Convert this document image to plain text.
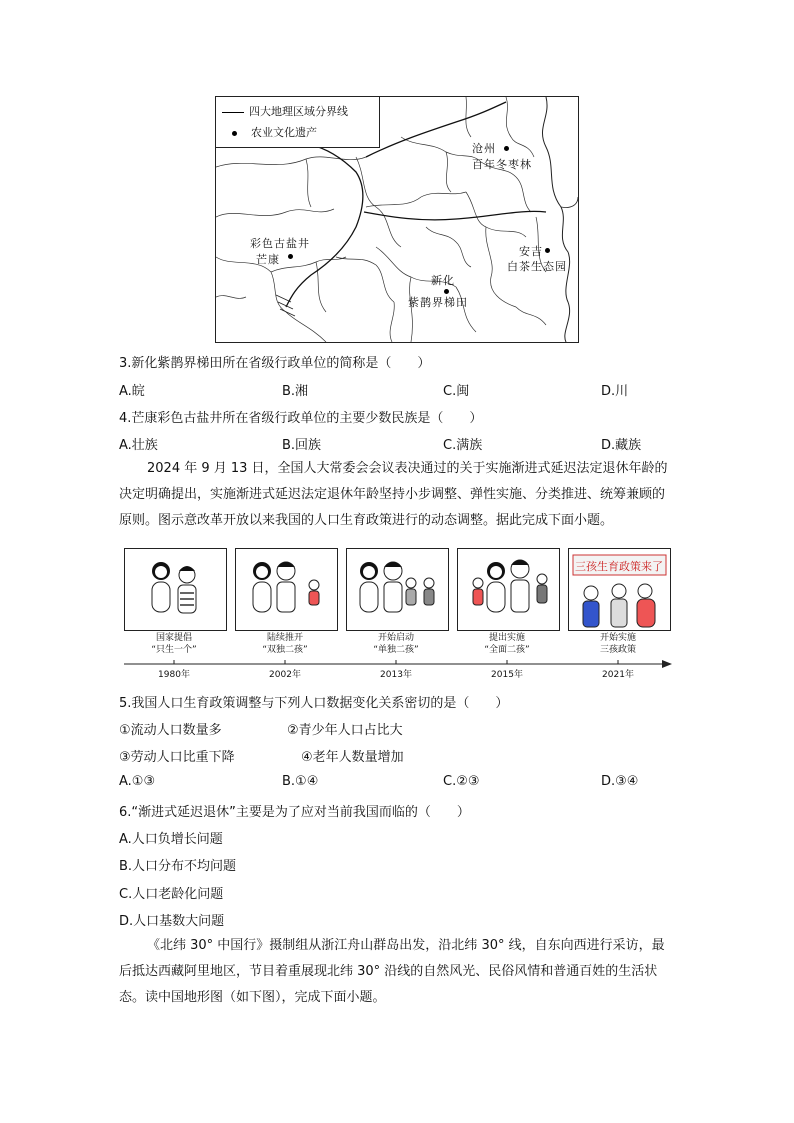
四大地理区域分界线
农业文化遗产
沧州
百年冬枣林
彩色古盐井
芒康
安吉
白茶生态园
新化
紫鹊界梯田
3.新化紫鹊界梯田所在省级行政单位的简称是（　　）
A.皖	B.湘	C.闽	D.川
4.芒康彩色古盐井所在省级行政单位的主要少数民族是（　　）
A.壮族	B.回族	C.满族	D.藏族
2024 年 9 月 13 日，全国人大常委会会议表决通过的关于实施渐进式延迟法定退休年龄的决定明确提出，实施渐进式延迟法定退休年龄坚持小步调整、弹性实施、分类推进、统筹兼顾的原则。图示意改革开放以来我国的人口生育政策进行的动态调整。据此完成下面小题。
三孩生育政策来了
国家提倡
“只生一个”
陆续推开
“双独二孩”
开始启动
“单独二孩”
提出实施
“全面二孩”
开始实施
三孩政策
1980年	2002年	2013年	2015年	2021年
5.我国人口生育政策调整与下列人口数据变化关系密切的是（　　）
①流动人口数量多	②青少年人口占比大
③劳动人口比重下降	④老年人数量增加
A.①③	B.①④	C.②③	D.③④
6.“渐进式延迟退休”主要是为了应对当前我国而临的（　　）
A.人口负增长问题
B.人口分布不均问题
C.人口老龄化问题
D.人口基数大问题
《北纬 30° 中国行》摄制组从浙江舟山群岛出发，沿北纬 30° 线，自东向西进行采访，最后抵达西藏阿里地区，节目着重展现北纬 30° 沿线的自然风光、民俗风情和普通百姓的生活状态。读中国地形图（如下图），完成下面小题。
